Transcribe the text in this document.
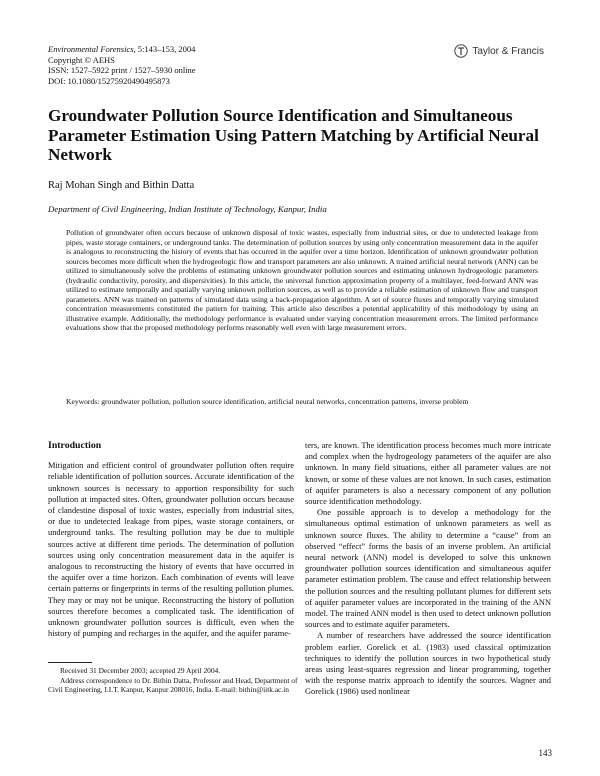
Environmental Forensics, 5:143–153, 2004
Copyright © AEHS
ISSN: 1527–5922 print / 1527–5930 online
DOI: 10.1080/15275920490495873
Taylor & Francis
Groundwater Pollution Source Identification and Simultaneous Parameter Estimation Using Pattern Matching by Artificial Neural Network
Raj Mohan Singh and Bithin Datta
Department of Civil Engineering, Indian Institute of Technology, Kanpur, India

Pollution of groundwater often occurs because of unknown disposal of toxic wastes, especially from industrial sites, or due to undetected leakage from pipes, waste storage containers, or underground tanks. The determination of pollution sources by using only concentration measurement data in the aquifer is analogous to reconstructing the history of events that has occurred in the aquifer over a time horizon. Identification of unknown groundwater pollution sources becomes more difficult when the hydrogeologic flow and transport parameters are also unknown. A trained artificial neural network (ANN) can be utilized to simultaneously solve the problems of estimating unknown groundwater pollution sources and estimating unknown hydrogeologic parameters (hydraulic conductivity, porosity, and dispersivities). In this article, the universal function approximation property of a multilayer, feed-forward ANN was utilized to estimate temporally and spatially varying unknown pollution sources, as well as to provide a reliable estimation of unknown flow and transport parameters. ANN was trained on patterns of simulated data using a back-propagation algorithm. A set of source fluxes and temporally varying simulated concentration measurements constituted the pattern for training. This article also describes a potential applicability of this methodology by using an illustrative example. Additionally, the methodology performance is evaluated under varying concentration measurement errors. The limited performance evaluations show that the proposed methodology performs reasonably well even with large measurement errors.

Keywords: groundwater pollution, pollution source identification, artificial neural networks, concentration patterns, inverse problem
Introduction

Mitigation and efficient control of groundwater pollution often require reliable identification of pollution sources. Accurate identification of the unknown sources is necessary to apportion responsibility for such pollution at impacted sites. Often, groundwater pollution occurs because of clandestine disposal of toxic wastes, especially from industrial sites, or due to undetected leakage from pipes, waste storage containers, or underground tanks. The resulting pollution may be due to multiple sources active at different time periods. The determination of pollution sources using only concentration measurement data in the aquifer is analogous to reconstructing the history of events that have occurred in the aquifer over a time horizon. Each combination of events will leave certain patterns or fingerprints in terms of the resulting pollution plumes. They may or may not be unique. Reconstructing the history of pollution sources therefore becomes a complicated task. The identification of unknown groundwater pollution sources is difficult, even when the history of pumping and recharges in the aquifer, and the aquifer parame-

ters, are known. The identification process becomes much more intricate and complex when the hydrogeology parameters of the aquifer are also unknown. In many field situations, either all parameter values are not known, or some of these values are not known. In such cases, estimation of aquifer parameters is also a necessary component of any pollution source identification methodology.

One possible approach is to develop a methodology for the simultaneous optimal estimation of unknown parameters as well as unknown source fluxes. The ability to determine a “cause” from an observed “effect” forms the basis of an inverse problem. An artificial neural network (ANN) model is developed to solve this unknown groundwater pollution sources identification and simultaneous aquifer parameter estimation problem. The cause and effect relationship between the pollution sources and the resulting pollutant plumes for different sets of aquifer parameter values are incorporated in the training of the ANN model. The trained ANN model is then used to detect unknown pollution sources and to estimate aquifer parameters.

A number of researchers have addressed the source identification problem earlier. Gorelick et al. (1983) used classical optimization techniques to identify the pollution sources in two hypothetical study areas using least-squares regression and linear programming, together with the response matrix approach to identify the sources. Wagner and Gorelick (1986) used nonlinear

Received 31 December 2003; accepted 29 April 2004.

Address correspondence to Dr. Bithin Datta, Professor and Head, Department of Civil Engineering, I.I.T. Kanpur, Kanpur 208016, India. E-mail: bithin@iitk.ac.in

143
